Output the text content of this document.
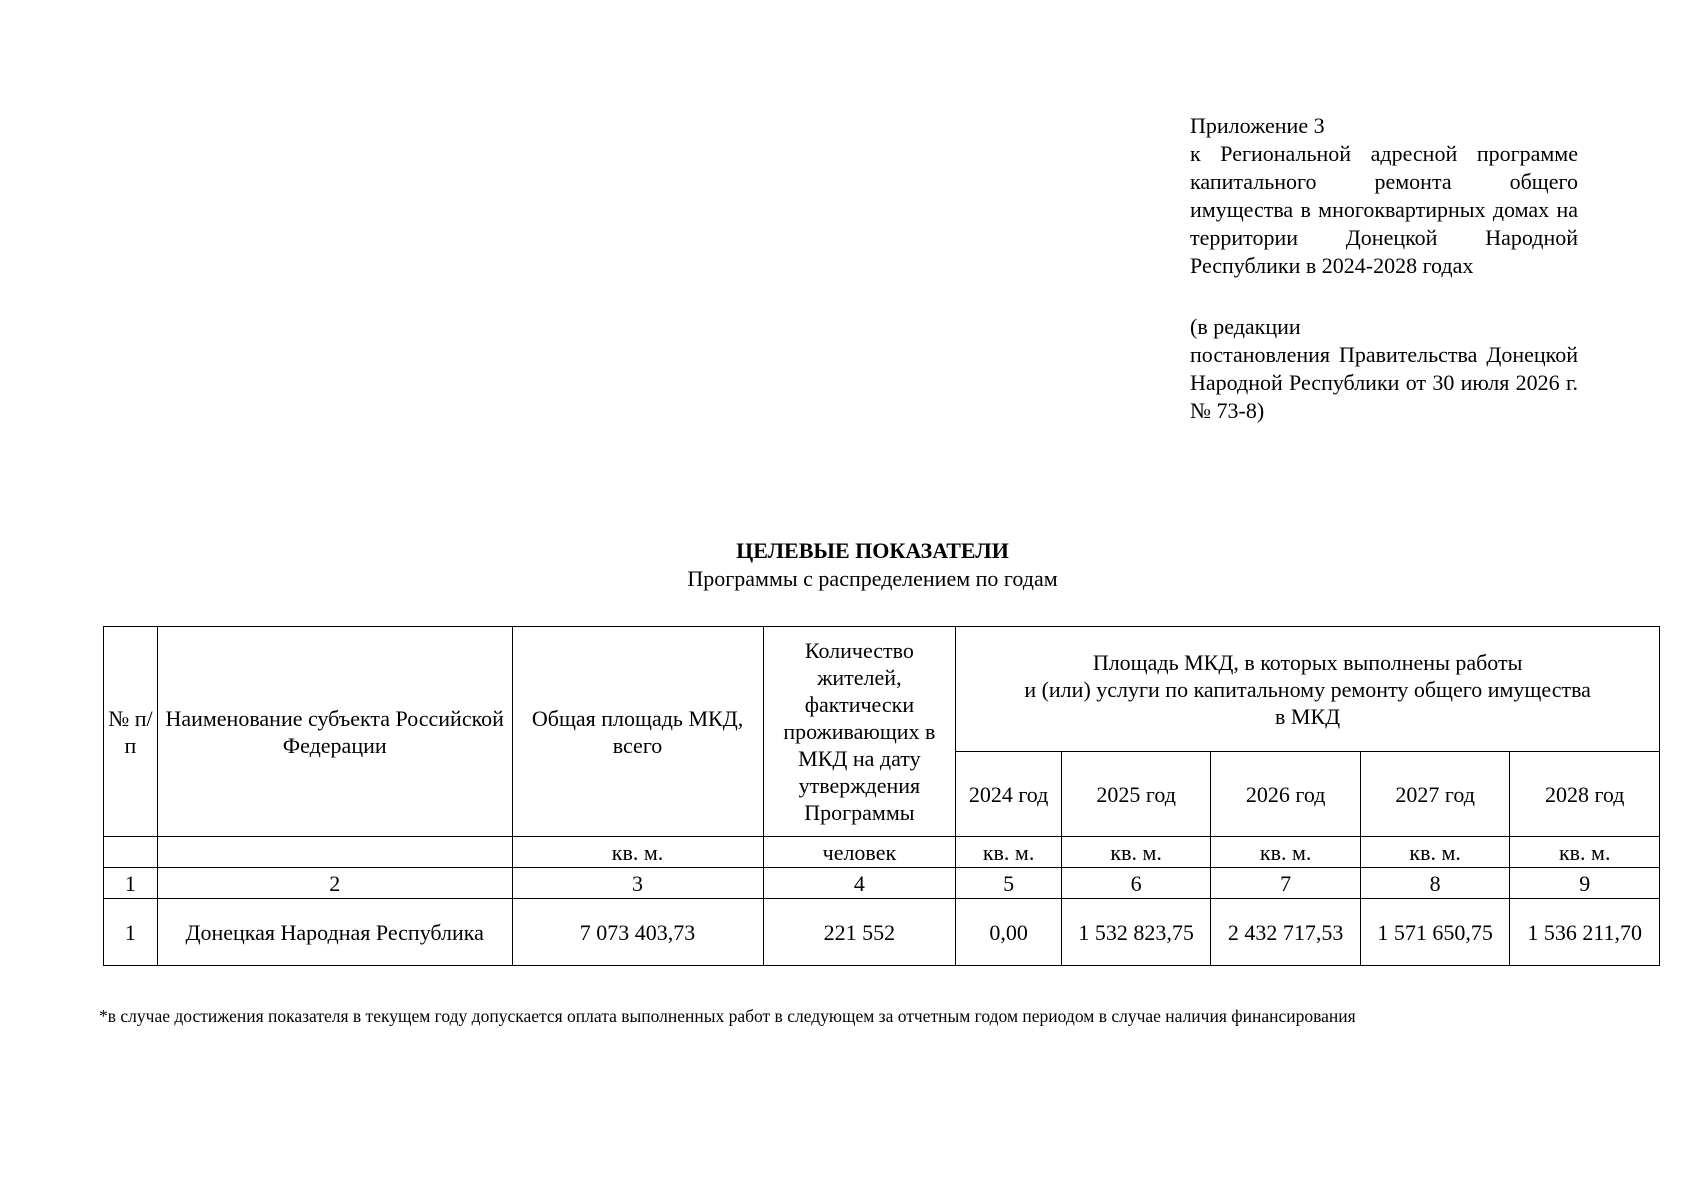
Приложение 3

к Региональной адресной программе капитального ремонта общего имущества в многоквартирных домах на территории Донецкой Народной Республики в 2024-2028 годах

(в редакции

постановления Правительства Донецкой Народной Республики от 30 июля 2026 г. № 73-8)

ЦЕЛЕВЫЕ ПОКАЗАТЕЛИ
Программы с распределением по годам
№ п/п	Наименование субъекта Российской Федерации	Общая площадь МКД, всего	Количество жителей, фактически проживающих в МКД на дату утверждения Программы	Площадь МКД, в которых выполнены работы
и (или) услуги по капитальному ремонту общего имущества
в МКД				

				2024 год	2025 год	2026 год	2027 год	2028 год
		кв. м.	человек	кв. м.	кв. м.	кв. м.	кв. м.	кв. м.
1	2	3	4	5	6	7	8	9
1	Донецкая Народная Республика	7 073 403,73	221 552	0,00	1 532 823,75	2 432 717,53	1 571 650,75	1 536 211,70
*в случае достижения показателя в текущем году допускается оплата выполненных работ в следующем за отчетным годом периодом в случае наличия финансирования
